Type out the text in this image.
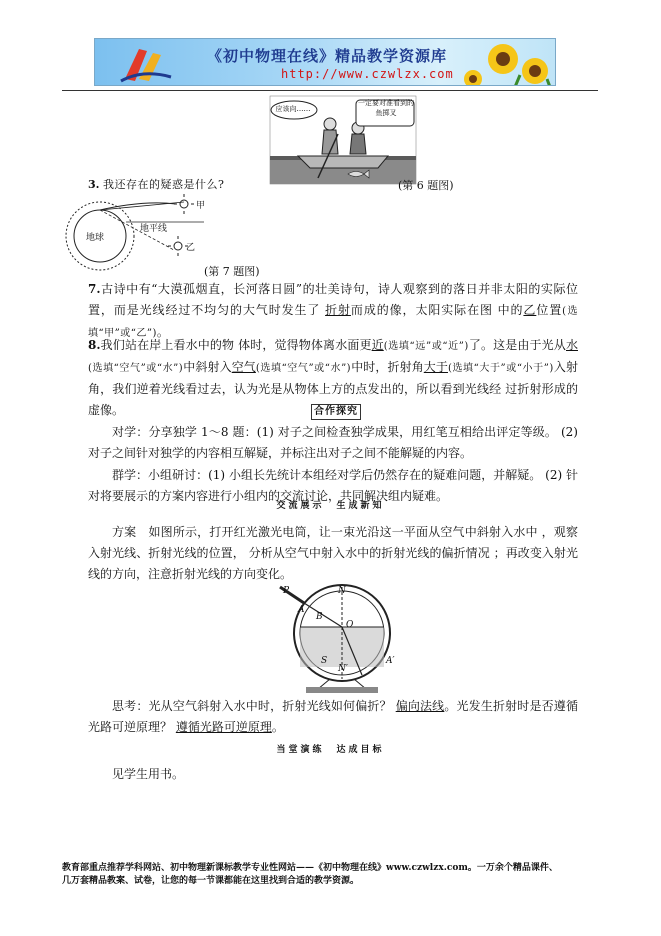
《初中物理在线》精品教学资源库
http://www.czwlzx.com
应该向……
一定要对准看到的鱼掷叉
3. 我还存在的疑惑是什么?	(第 6 题图)
甲
乙
地球
地平线
(第 7 题图)
7.古诗中有“大漠孤烟直，长河落日圆”的壮美诗句，诗人观察到的落日并非太阳的实际位置，而是光线经过不均匀的大气时发生了 折射而成的像，太阳实际在图 中的乙位置(选填“甲”或“乙”)。
8.我们站在岸上看水中的物 体时，觉得物体离水面更近(选填“远”或“近”)了。这是由于光从水(选填“空气”或“水”)中斜射入空气(选填“空气”或“水”)中时，折射角大于(选填“大于”或“小于”)入射角，我们逆着光线看过去，认为光是从物体上方的点发出的，所以看到光线经 过折射形成的虚像。	合作探究
对学：分享独学 1～8 题：(1) 对子之间检查独学成果，用红笔互相给出评定等级。 (2) 对子之间针对独学的内容相互解疑，并标注出对子之间不能解疑的内容。
群学：小组研讨：(1) 小组长先统计本组经对学后仍然存在的疑难问题，并解疑。 (2) 针对将要展示的方案内容进行小组内的交流讨论，共同解决组内疑难。
交流展示　生成新知
方案　 如图所示，打开红光激光电筒，让一束光沿这一平面从空气中斜射入水中 ，观察入射光线、折射光线的位置， 分析从空气中射入水中的折射光线的偏折情况 ；再改变入射光线的方向，注意折射光线的方向变化。
P	N
A
B
O
S
N′
A′
思考：光从空气斜射入水中时，折射光线如何偏折？ 偏向法线。光发生折射时是否遵循光路可逆原理？ 遵循光路可逆原理。
当堂演练　达成目标
见学生用书。
教育部重点推荐学科网站、初中物理新课标教学专业性网站——《初中物理在线》www.czwlzx.com。一万余个精品课件、
几万套精品教案、试卷，让您的每一节课都能在这里找到合适的教学资源。
